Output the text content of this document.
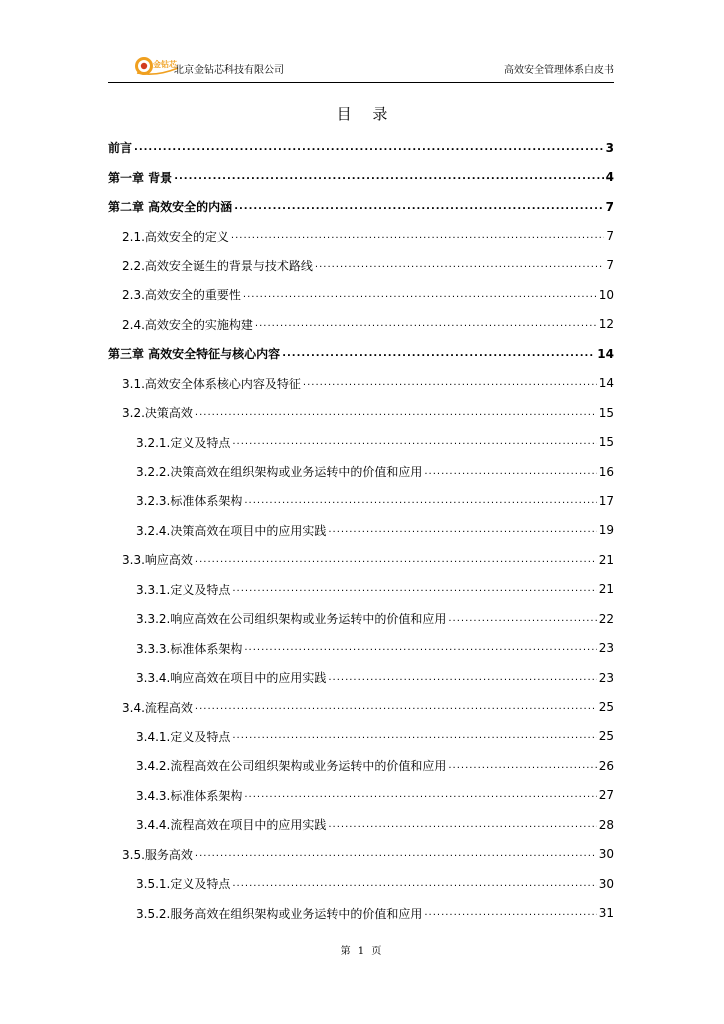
金钻芯
北京金钻芯科技有限公司	高效安全管理体系白皮书
目 录
前言 .....	3
第一章 背景 .....	4
第二章 高效安全的内涵 .....	7
2.1.高效安全的定义 .....	7
2.2.高效安全诞生的背景与技术路线 .....	7
2.3.高效安全的重要性 .....	10
2.4.高效安全的实施构建 .....	12
第三章 高效安全特征与核心内容 .....	14
3.1.高效安全体系核心内容及特征 .....	14
3.2.决策高效 .....	15
3.2.1.定义及特点 .....	15
3.2.2.决策高效在组织架构或业务运转中的价值和应用 .....	16
3.2.3.标准体系架构 .....	17
3.2.4.决策高效在项目中的应用实践 .....	19
3.3.响应高效 .....	21
3.3.1.定义及特点 .....	21
3.3.2.响应高效在公司组织架构或业务运转中的价值和应用 .....	22
3.3.3.标准体系架构 .....	23
3.3.4.响应高效在项目中的应用实践 .....	23
3.4.流程高效 .....	25
3.4.1.定义及特点 .....	25
3.4.2.流程高效在公司组织架构或业务运转中的价值和应用 .....	26
3.4.3.标准体系架构 .....	27
3.4.4.流程高效在项目中的应用实践 .....	28
3.5.服务高效 .....	30
3.5.1.定义及特点 .....	30
3.5.2.服务高效在组织架构或业务运转中的价值和应用 .....	31
第 1 页
